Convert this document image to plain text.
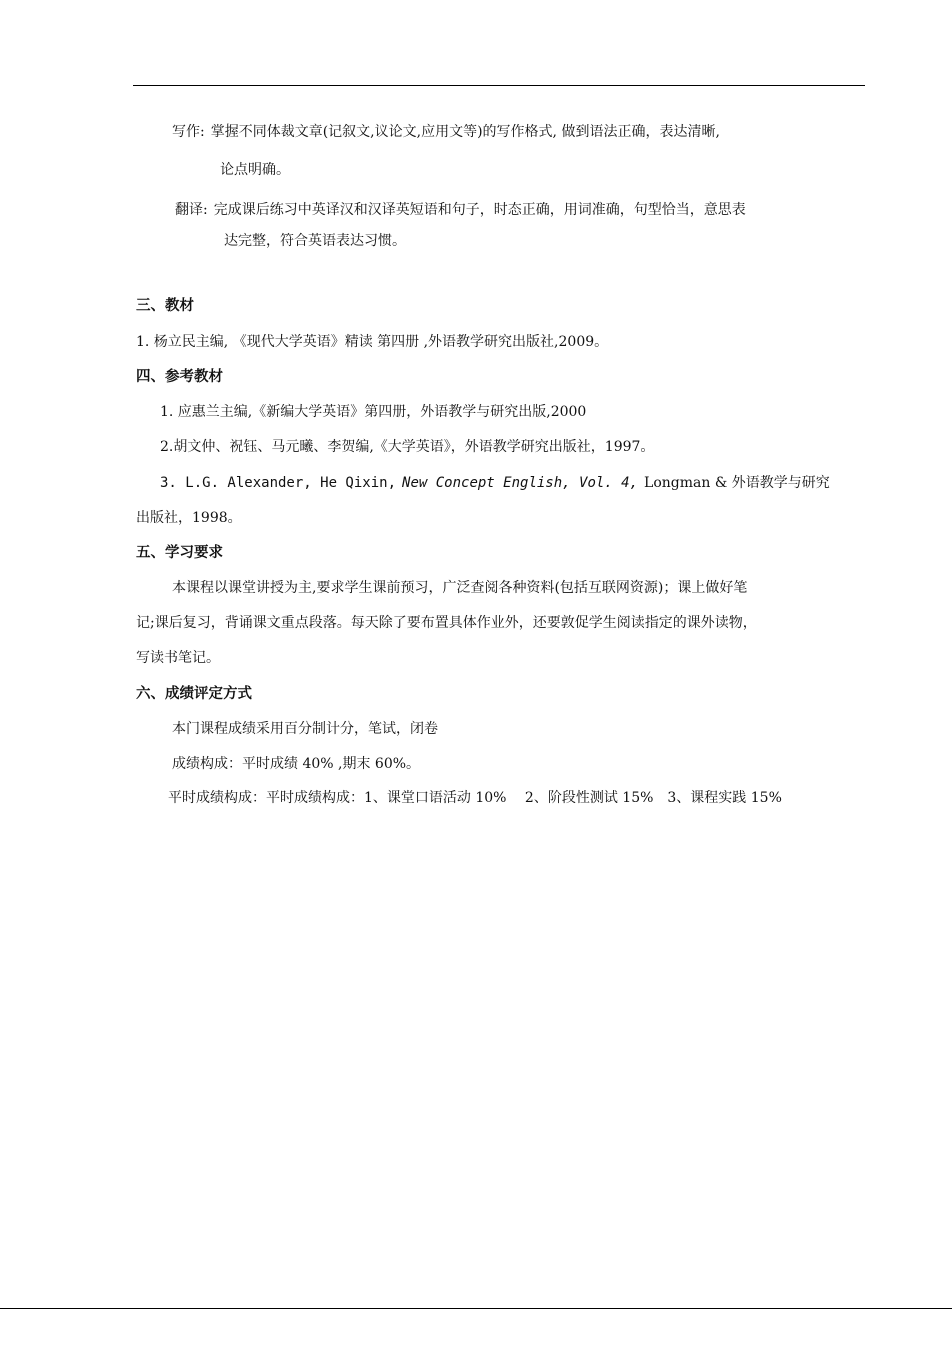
写作: 掌握不同体裁文章(记叙文,议论文,应用文等)的写作格式, 做到语法正确，表达清晰,
论点明确。
翻译: 完成课后练习中英译汉和汉译英短语和句子，时态正确，用词准确，句型恰当，意思表
达完整，符合英语表达习惯。
三、教材
1. 杨立民主编, 《现代大学英语》精读 第四册 ,外语教学研究出版社,2009。
四、参考教材
1. 应惠兰主编,《新编大学英语》第四册，外语教学与研究出版,2000
2.胡文仲、祝钰、马元曦、李贺编,《大学英语》，外语教学研究出版社，1997。
3. L.G. Alexander, He Qixin, New Concept English, Vol. 4, Longman & 外语教学与研究
出版社，1998。
五、学习要求
本课程以课堂讲授为主,要求学生课前预习，广泛查阅各种资料(包括互联网资源)；课上做好笔
记;课后复习，背诵课文重点段落。每天除了要布置具体作业外，还要敦促学生阅读指定的课外读物，
写读书笔记。
六、成绩评定方式
本门课程成绩采用百分制计分，笔试，闭卷
成绩构成：平时成绩 40% ,期末 60%。
平时成绩构成：平时成绩构成：1、课堂口语活动 10%　 2、阶段性测试 15%　3、课程实践 15%
